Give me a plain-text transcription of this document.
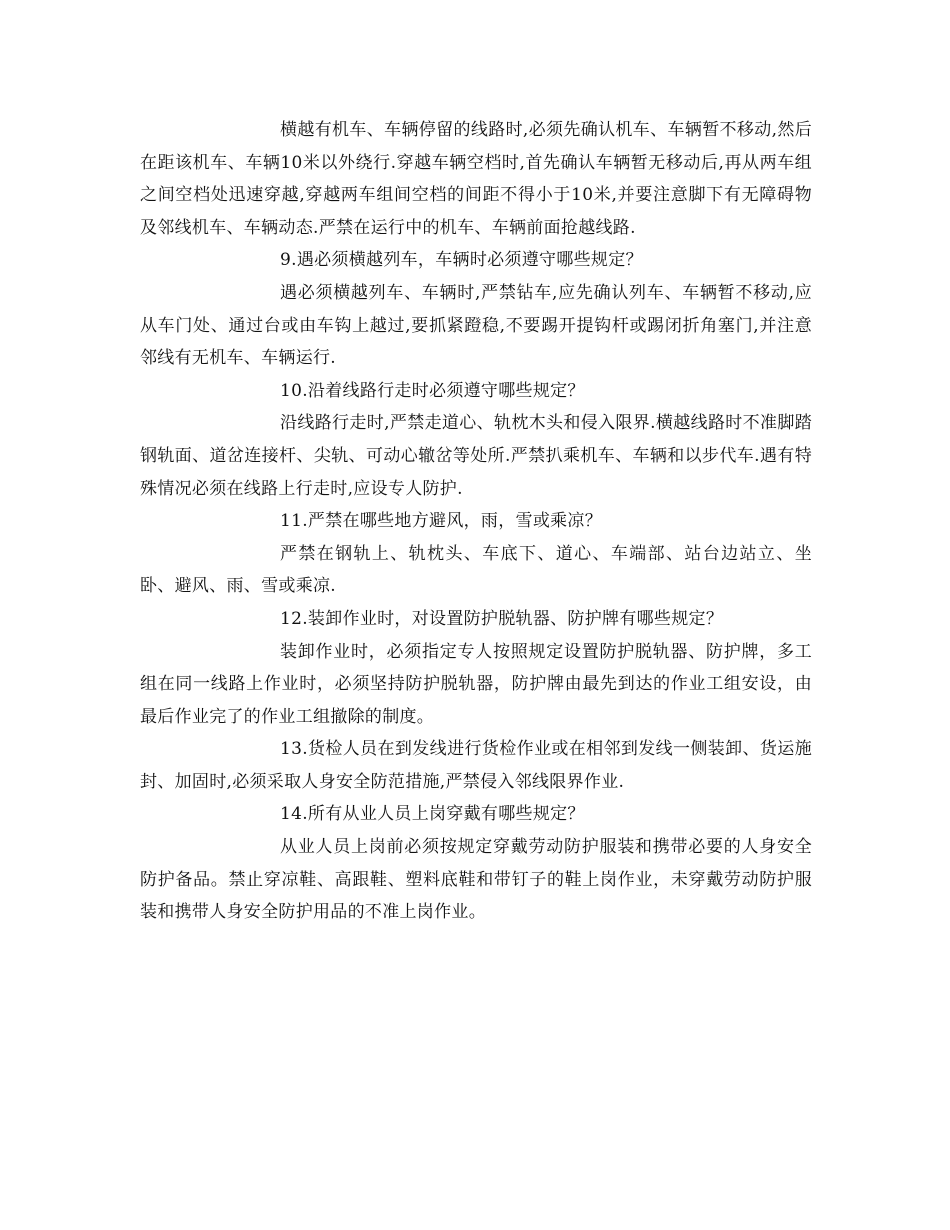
横越有机车、车辆停留的线路时,必须先确认机车、车辆暂不移动,然后在距该机车、车辆10米以外绕行.穿越车辆空档时,首先确认车辆暂无移动后,再从两车组之间空档处迅速穿越,穿越两车组间空档的间距不得小于10米,并要注意脚下有无障碍物及邻线机车、车辆动态.严禁在运行中的机车、车辆前面抢越线路.

9.遇必须横越列车，车辆时必须遵守哪些规定？

遇必须横越列车、车辆时,严禁钻车,应先确认列车、车辆暂不移动,应从车门处、通过台或由车钩上越过,要抓紧蹬稳,不要踢开提钩杆或踢闭折角塞门,并注意邻线有无机车、车辆运行.

10.沿着线路行走时必须遵守哪些规定？

沿线路行走时,严禁走道心、轨枕木头和侵入限界.横越线路时不准脚踏钢轨面、道岔连接杆、尖轨、可动心辙岔等处所.严禁扒乘机车、车辆和以步代车.遇有特殊情况必须在线路上行走时,应设专人防护.

11.严禁在哪些地方避风，雨，雪或乘凉？

严禁在钢轨上、轨枕头、车底下、道心、车端部、站台边站立、坐卧、避风、雨、雪或乘凉.

12.装卸作业时，对设置防护脱轨器、防护牌有哪些规定？

装卸作业时，必须指定专人按照规定设置防护脱轨器、防护牌，多工组在同一线路上作业时，必须坚持防护脱轨器，防护牌由最先到达的作业工组安设，由最后作业完了的作业工组撤除的制度。

13.货检人员在到发线进行货检作业或在相邻到发线一侧装卸、货运施封、加固时,必须采取人身安全防范措施,严禁侵入邻线限界作业.

14.所有从业人员上岗穿戴有哪些规定？

从业人员上岗前必须按规定穿戴劳动防护服装和携带必要的人身安全防护备品。禁止穿凉鞋、高跟鞋、塑料底鞋和带钉子的鞋上岗作业，未穿戴劳动防护服装和携带人身安全防护用品的不准上岗作业。
